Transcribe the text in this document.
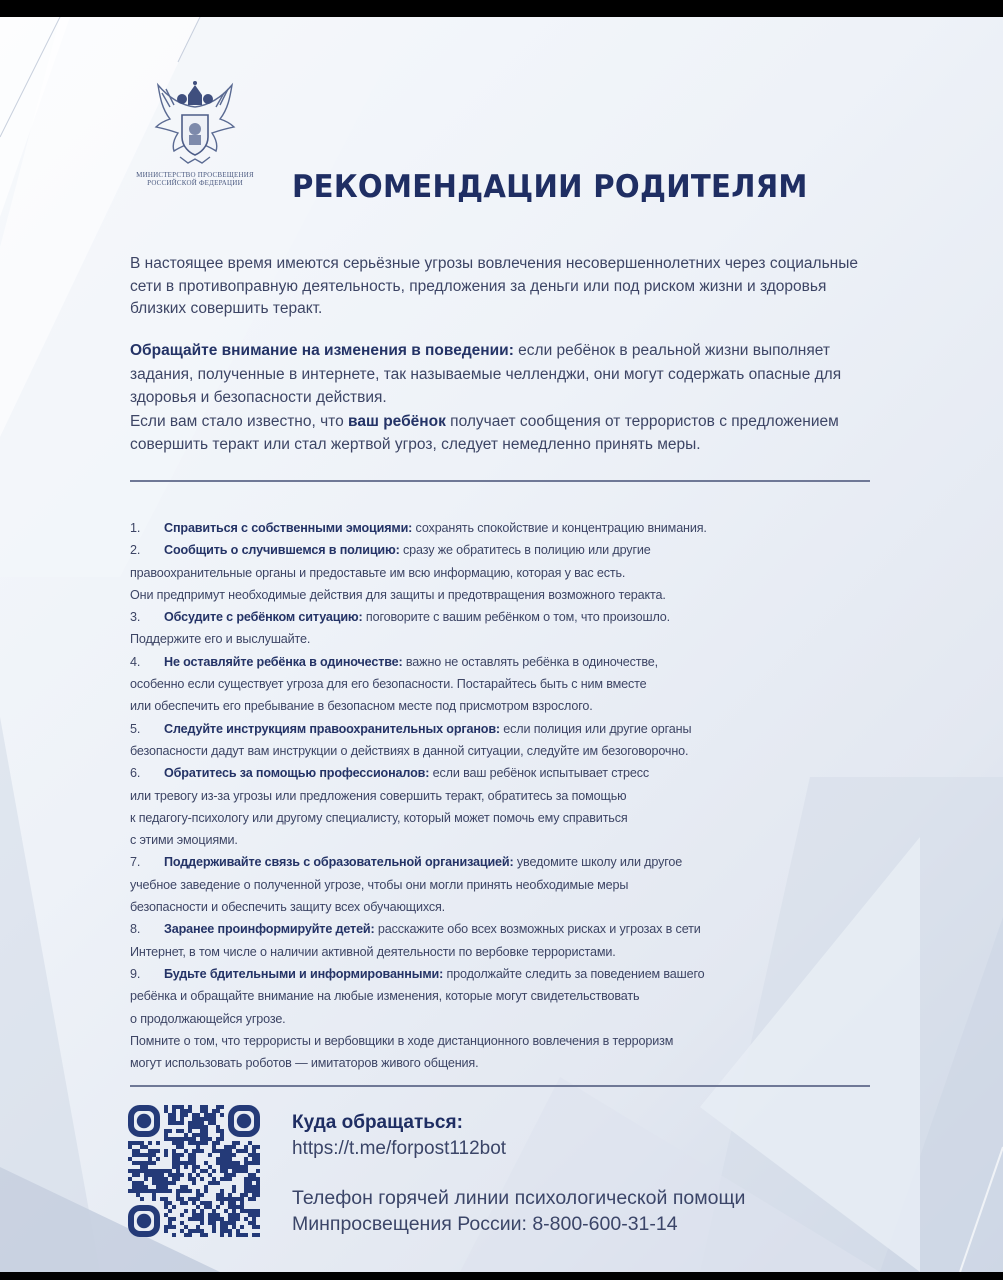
МИНИСТЕРСТВО ПРОСВЕЩЕНИЯ
РОССИЙСКОЙ ФЕДЕРАЦИИ	РЕКОМЕНДАЦИИ РОДИТЕЛЯМ
В настоящее время имеются серьёзные угрозы вовлечения несовершеннолетних через социальные сети в противоправную деятельность, предложения за деньги или под риском жизни и здоровья близких совершить теракт.
Обращайте внимание на изменения в поведении: если ребёнок в реальной жизни выполняет задания, полученные в интернете, так называемые челленджи, они могут содержать опасные для здоровья и безопасности действия.
Если вам стало известно, что ваш ребёнок получает сообщения от террористов с предложением совершить теракт или стал жертвой угроз, следует немедленно принять меры.

1. Справиться с собственными эмоциями: сохранять спокойствие и концентрацию внимания.

2. Сообщить о случившемся в полицию: сразу же обратитесь в полицию или другие

правоохранительные органы и предоставьте им всю информацию, которая у вас есть.

Они предпримут необходимые действия для защиты и предотвращения возможного теракта.

3. Обсудите с ребёнком ситуацию: поговорите с вашим ребёнком о том, что произошло.

Поддержите его и выслушайте.

4. Не оставляйте ребёнка в одиночестве: важно не оставлять ребёнка в одиночестве,

особенно если существует угроза для его безопасности. Постарайтесь быть с ним вместе

или обеспечить его пребывание в безопасном месте под присмотром взрослого.

5. Следуйте инструкциям правоохранительных органов: если полиция или другие органы

безопасности дадут вам инструкции о действиях в данной ситуации, следуйте им безоговорочно.

6. Обратитесь за помощью профессионалов: если ваш ребёнок испытывает стресс

или тревогу из-за угрозы или предложения совершить теракт, обратитесь за помощью

к педагогу-психологу или другому специалисту, который может помочь ему справиться

с этими эмоциями.

7. Поддерживайте связь с образовательной организацией: уведомите школу или другое

учебное заведение о полученной угрозе, чтобы они могли принять необходимые меры

безопасности и обеспечить защиту всех обучающихся.

8. Заранее проинформируйте детей: расскажите обо всех возможных рисках и угрозах в сети

Интернет, в том числе о наличии активной деятельности по вербовке террористами.

9. Будьте бдительными и информированными: продолжайте следить за поведением вашего

ребёнка и обращайте внимание на любые изменения, которые могут свидетельствовать

о продолжающейся угрозе.

Помните о том, что террористы и вербовщики в ходе дистанционного вовлечения в терроризм

могут использовать роботов — имитаторов живого общения.

Куда обращаться:
https://t.me/forpost112bot
Телефон горячей линии психологической помощи
Минпросвещения России: 8-800-600-31-14
